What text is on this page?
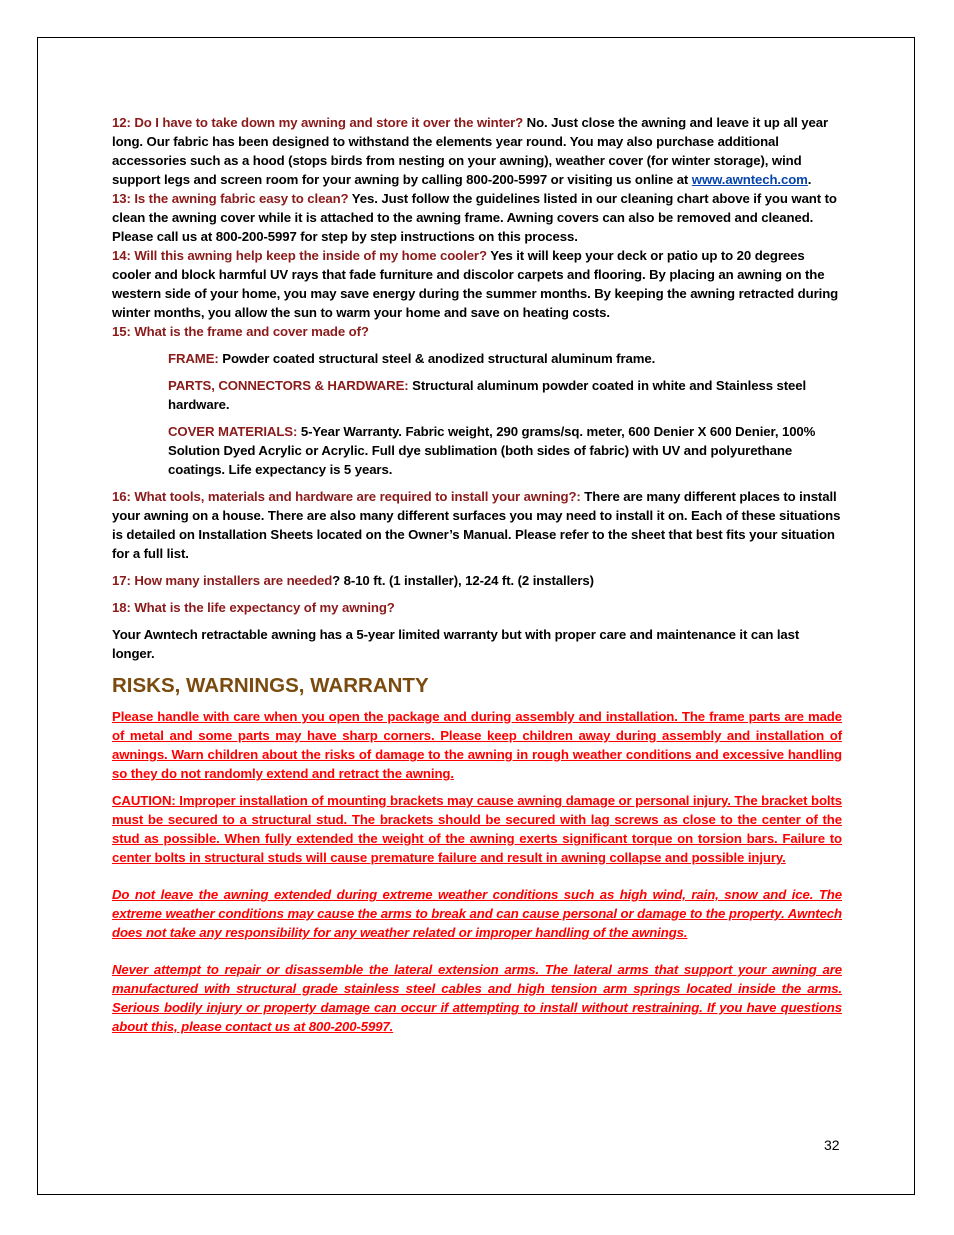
12: Do I have to take down my awning and store it over the winter? No. Just close the awning and leave it up all year long. Our fabric has been designed to withstand the elements year round. You may also purchase additional accessories such as a hood (stops birds from nesting on your awning), weather cover (for winter storage), wind support legs and screen room for your awning by calling 800-200-5997 or visiting us online at www.awntech.com.

13: Is the awning fabric easy to clean? Yes. Just follow the guidelines listed in our cleaning chart above if you want to clean the awning cover while it is attached to the awning frame. Awning covers can also be removed and cleaned. Please call us at 800-200-5997 for step by step instructions on this process.

14: Will this awning help keep the inside of my home cooler? Yes it will keep your deck or patio up to 20 degrees cooler and block harmful UV rays that fade furniture and discolor carpets and flooring. By placing an awning on the western side of your home, you may save energy during the summer months. By keeping the awning retracted during winter months, you allow the sun to warm your home and save on heating costs.

15: What is the frame and cover made of?

FRAME: Powder coated structural steel & anodized structural aluminum frame.

PARTS, CONNECTORS & HARDWARE: Structural aluminum powder coated in white and Stainless steel hardware.

COVER MATERIALS: 5-Year Warranty. Fabric weight, 290 grams/sq. meter, 600 Denier X 600 Denier, 100% Solution Dyed Acrylic or Acrylic. Full dye sublimation (both sides of fabric) with UV and polyurethane coatings. Life expectancy is 5 years.

16: What tools, materials and hardware are required to install your awning?: There are many different places to install your awning on a house. There are also many different surfaces you may need to install it on. Each of these situations is detailed on Installation Sheets located on the Owner’s Manual. Please refer to the sheet that best fits your situation for a full list.

17: How many installers are needed? 8-10 ft. (1 installer), 12-24 ft. (2 installers)

18: What is the life expectancy of my awning?

Your Awntech retractable awning has a 5-year limited warranty but with proper care and maintenance it can last longer.

RISKS, WARNINGS, WARRANTY

Please handle with care when you open the package and during assembly and installation. The frame parts are made of metal and some parts may have sharp corners. Please keep children away during assembly and installation of awnings. Warn children about the risks of damage to the awning in rough weather conditions and excessive handling so they do not randomly extend and retract the awning.

CAUTION: Improper installation of mounting brackets may cause awning damage or personal injury. The bracket bolts must be secured to a structural stud. The brackets should be secured with lag screws as close to the center of the stud as possible. When fully extended the weight of the awning exerts significant torque on torsion bars. Failure to center bolts in structural studs will cause premature failure and result in awning collapse and possible injury.

Do not leave the awning extended during extreme weather conditions such as high wind, rain, snow and ice. The extreme weather conditions may cause the arms to break and can cause personal or damage to the property. Awntech does not take any responsibility for any weather related or improper handling of the awnings.

Never attempt to repair or disassemble the lateral extension arms. The lateral arms that support your awning are manufactured with structural grade stainless steel cables and high tension arm springs located inside the arms. Serious bodily injury or property damage can occur if attempting to install without restraining. If you have questions about this, please contact us at 800-200-5997.

32
